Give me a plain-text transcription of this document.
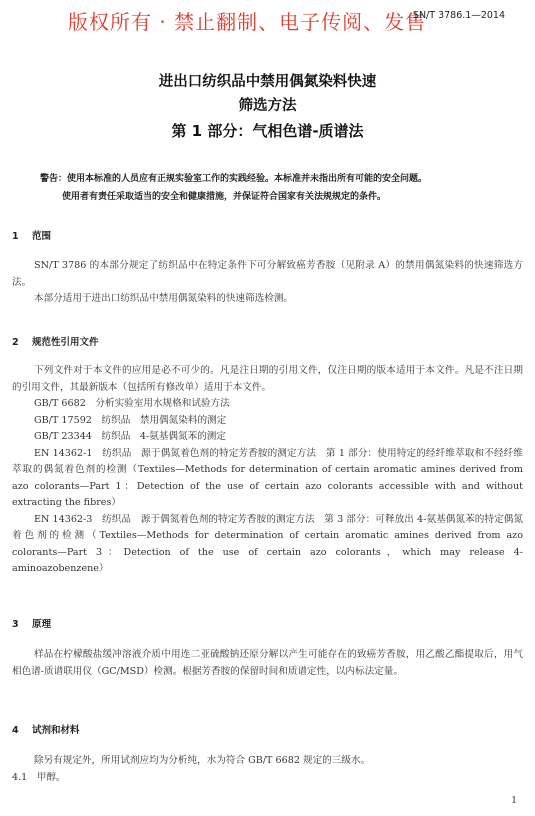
版权所有 · 禁止翻制、电子传阅、发售
SN/T 3786.1—2014
进出口纺织品中禁用偶氮染料快速
筛选方法
第 1 部分：气相色谱-质谱法
警告：使用本标准的人员应有正规实验室工作的实践经验。本标准并未指出所有可能的安全问题。
使用者有责任采取适当的安全和健康措施，并保证符合国家有关法规规定的条件。
1 范围

SN/T 3786 的本部分规定了纺织品中在特定条件下可分解致癌芳香胺（见附录 A）的禁用偶氮染料的快速筛选方法。

本部分适用于进出口纺织品中禁用偶氮染料的快速筛选检测。

2 规范性引用文件

下列文件对于本文件的应用是必不可少的。凡是注日期的引用文件，仅注日期的版本适用于本文件。凡是不注日期的引用文件，其最新版本（包括所有修改单）适用于本文件。

GB/T 6682　分析实验室用水规格和试验方法

GB/T 17592　纺织品　禁用偶氮染料的测定

GB/T 23344　纺织品　4-氨基偶氮苯的测定

EN 14362-1　纺织品　源于偶氮着色剂的特定芳香胺的测定方法　第 1 部分：使用特定的经纤维萃取和不经纤维萃取的偶氮着色剂的检测（Textiles—Methods for determination of certain aromatic amines derived from azo colorants—Part 1：Detection of the use of certain azo colorants accessible with and without extracting the fibres）

EN 14362-3　纺织品　源于偶氮着色剂的特定芳香胺的测定方法　第 3 部分：可释放出 4-氨基偶氮苯的特定偶氮着色剂的检测（Textiles—Methods for determination of certain aromatic amines derived from azo colorants—Part 3：Detection of the use of certain azo colorants，which may release 4-aminoazobenzene）

3 原理

样品在柠檬酸盐缓冲溶液介质中用连二亚硫酸钠还原分解以产生可能存在的致癌芳香胺，用乙酸乙酯提取后，用气相色谱-质谱联用仪（GC/MSD）检测。根据芳香胺的保留时间和质谱定性，以内标法定量。

4 试剂和材料

除另有规定外，所用试剂应均为分析纯，水为符合 GB/T 6682 规定的三级水。

4.1　甲醇。

1
